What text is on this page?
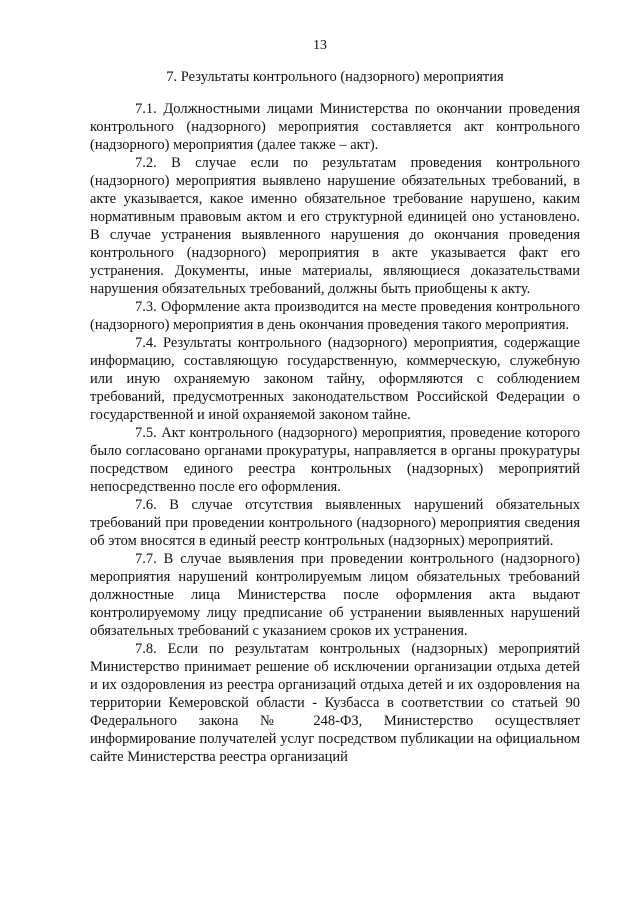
13
7. Результаты контрольного (надзорного) мероприятия

7.1. Должностными лицами Министерства по окончании проведения контрольного (надзорного) мероприятия составляется акт контрольного (надзорного) мероприятия (далее также – акт).

7.2. В случае если по результатам проведения контрольного (надзорного) мероприятия выявлено нарушение обязательных требований, в акте указывается, какое именно обязательное требование нарушено, каким нормативным правовым актом и его структурной единицей оно установлено. В случае устранения выявленного нарушения до окончания проведения контрольного (надзорного) мероприятия в акте указывается факт его устранения. Документы, иные материалы, являющиеся доказательствами нарушения обязательных требований, должны быть приобщены к акту.

7.3. Оформление акта производится на месте проведения контрольного (надзорного) мероприятия в день окончания проведения такого мероприятия.

7.4. Результаты контрольного (надзорного) мероприятия, содержащие информацию, составляющую государственную, коммерческую, служебную или иную охраняемую законом тайну, оформляются с соблюдением требований, предусмотренных законодательством Российской Федерации о государственной и иной охраняемой законом тайне.

7.5. Акт контрольного (надзорного) мероприятия, проведение которого было согласовано органами прокуратуры, направляется в органы прокуратуры посредством единого реестра контрольных (надзорных) мероприятий непосредственно после его оформления.

7.6. В случае отсутствия выявленных нарушений обязательных требований при проведении контрольного (надзорного) мероприятия сведения об этом вносятся в единый реестр контрольных (надзорных) мероприятий.

7.7. В случае выявления при проведении контрольного (надзорного) мероприятия нарушений контролируемым лицом обязательных требований должностные лица Министерства после оформления акта выдают контролируемому лицу предписание об устранении выявленных нарушений обязательных требований с указанием сроков их устранения.

7.8. Если по результатам контрольных (надзорных) мероприятий Министерство принимает решение об исключении организации отдыха детей и их оздоровления из реестра организаций отдыха детей и их оздоровления на территории Кемеровской области - Кузбасса в соответствии со статьей 90 Федерального закона № 248-ФЗ, Министерство осуществляет информирование получателей услуг посредством публикации на официальном сайте Министерства реестра организаций
